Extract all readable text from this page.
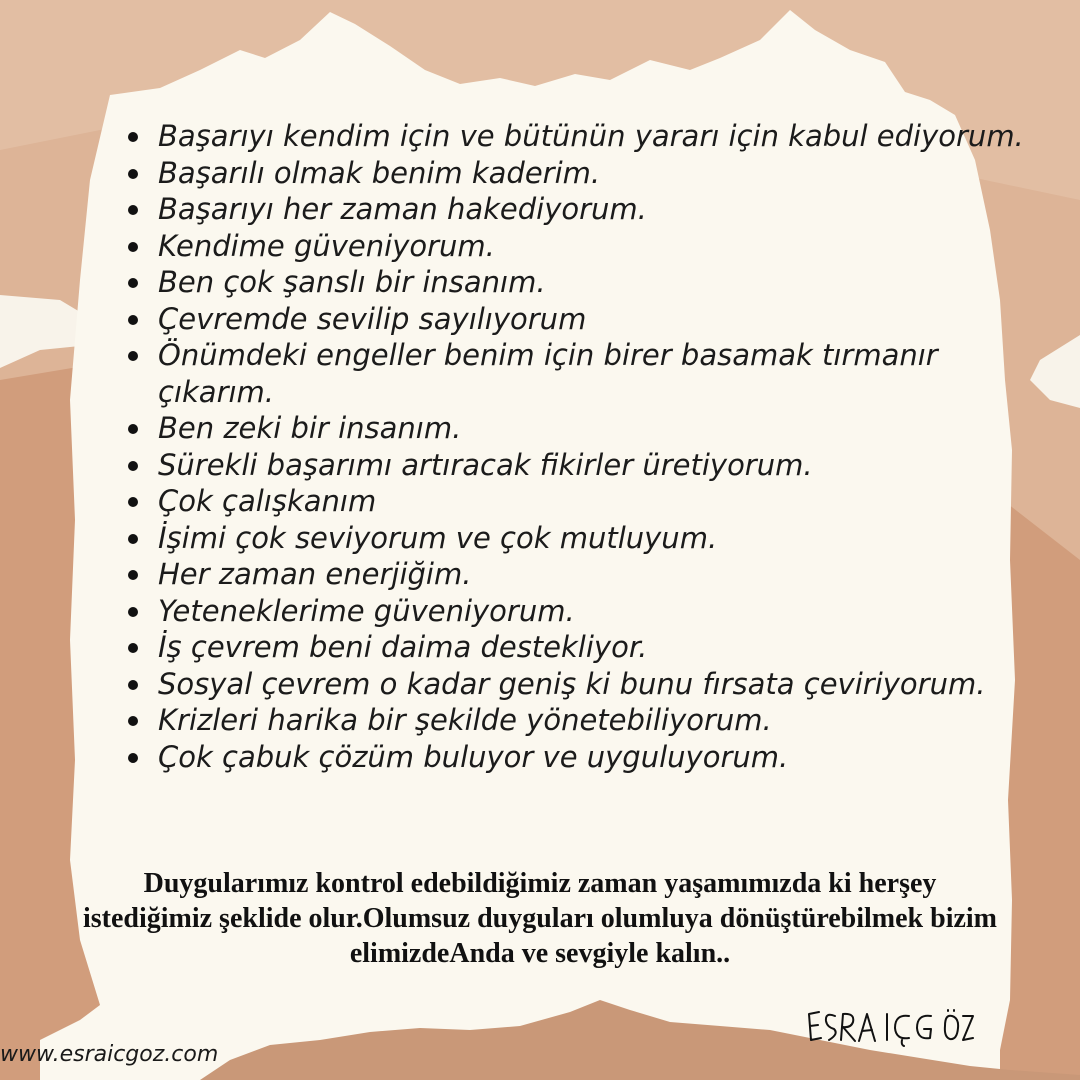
Başarıyı kendim için ve bütünün yararı için kabul ediyorum.
Başarılı olmak benim kaderim.
Başarıyı her zaman hakediyorum.
Kendime güveniyorum.
Ben çok şanslı bir insanım.
Çevremde sevilip sayılıyorum
Önümdeki engeller benim için birer basamak tırmanır çıkarım.
Ben zeki bir insanım.
Sürekli başarımı artıracak fikirler üretiyorum.
Çok çalışkanım
İşimi çok seviyorum ve çok mutluyum.
Her zaman enerjiğim.
Yeteneklerime güveniyorum.
İş çevrem beni daima destekliyor.
Sosyal çevrem o kadar geniş ki bunu fırsata çeviriyorum.
Krizleri harika bir şekilde yönetebiliyorum.
Çok çabuk çözüm buluyor ve uyguluyorum.

Duygularımız kontrol edebildiğimiz zaman yaşamımızda ki herşey istediğimiz şeklide olur.Olumsuz duyguları olumluya dönüştürebilmek bizim elimizdeAnda ve sevgiyle kalın..

www.esraicgoz.com
